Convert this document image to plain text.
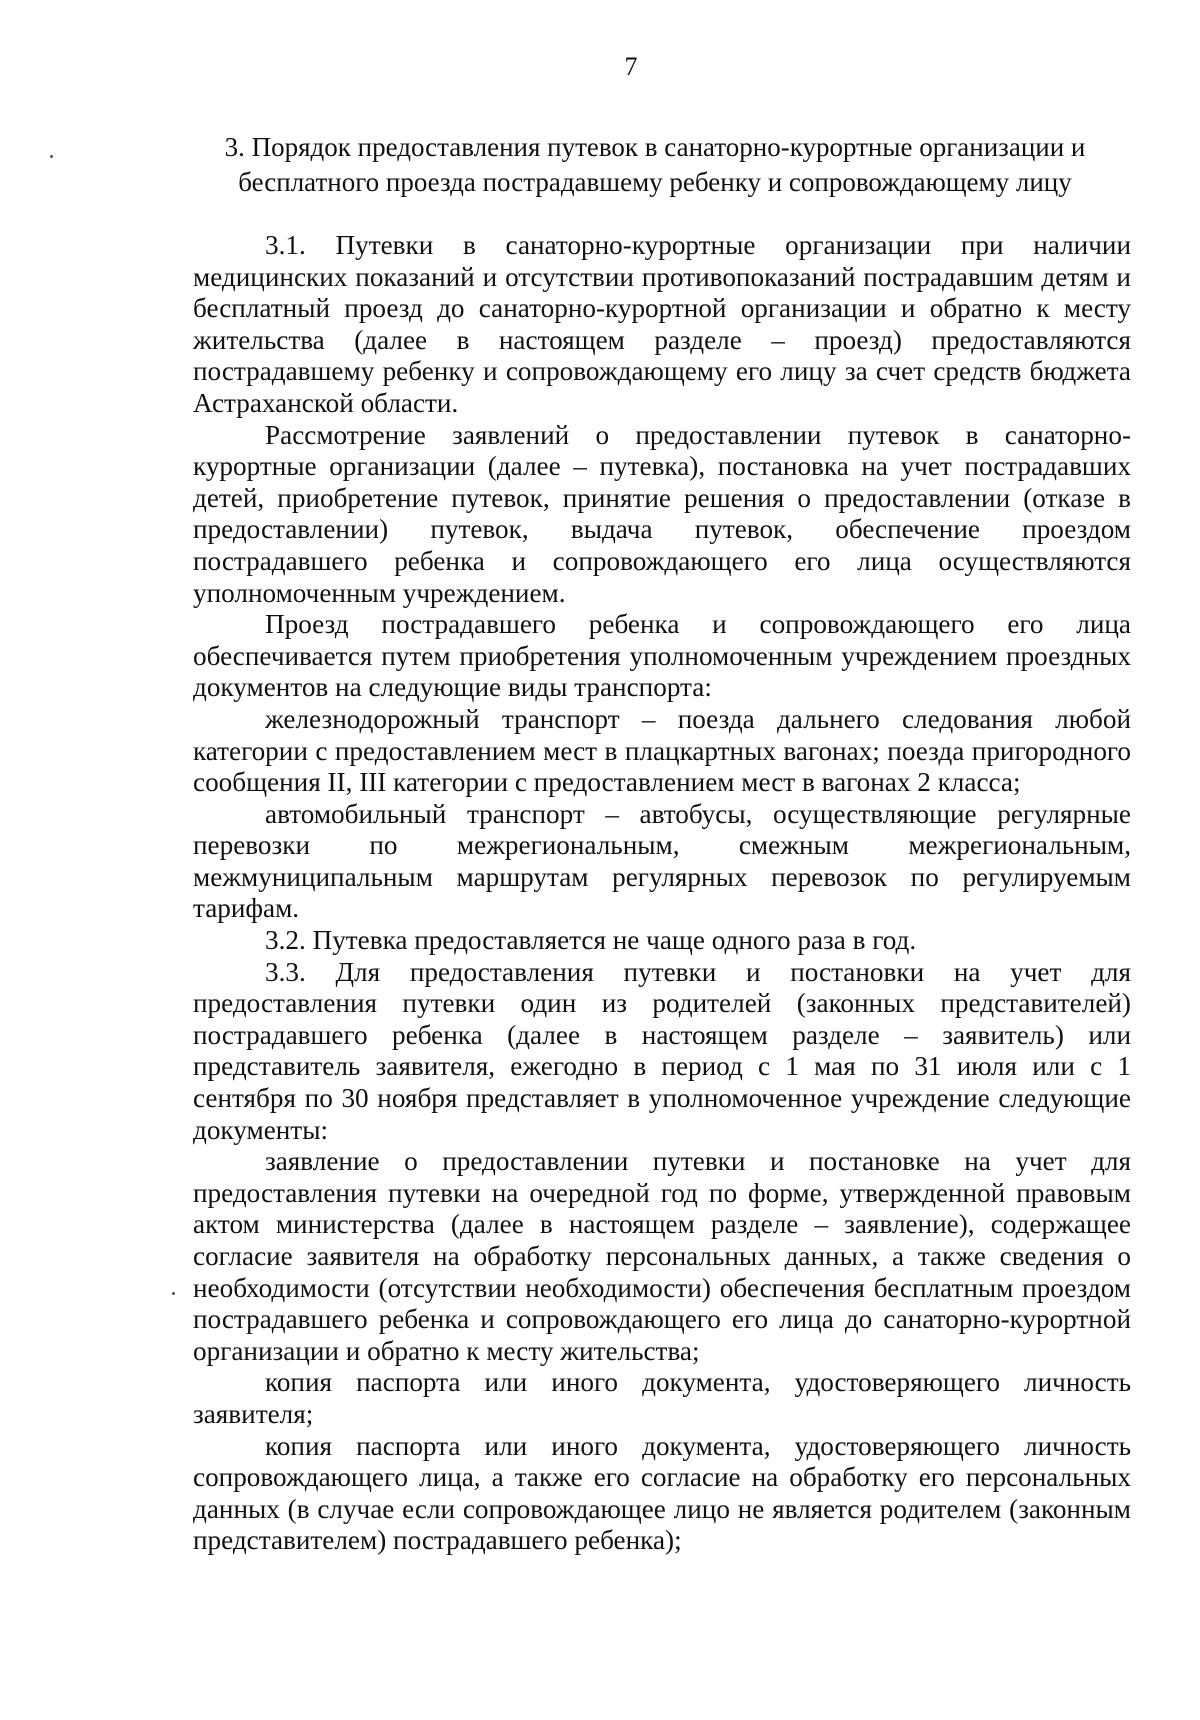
7
3. Порядок предоставления путевок в санаторно-курортные организации и бесплатного проезда пострадавшему ребенку и сопровождающему лицу

3.1. Путевки в санаторно-курортные организации при наличии медицинских показаний и отсутствии противопоказаний пострадавшим детям и бесплатный проезд до санаторно-курортной организации и обратно к месту жительства (далее в настоящем разделе – проезд) предоставляются пострадавшему ребенку и сопровождающему его лицу за счет средств бюджета Астраханской области.

Рассмотрение заявлений о предоставлении путевок в санаторно-курортные организации (далее – путевка), постановка на учет пострадавших детей, приобретение путевок, принятие решения о предоставлении (отказе в предоставлении) путевок, выдача путевок, обеспечение проездом пострадавшего ребенка и сопровождающего его лица осуществляются уполномоченным учреждением.

Проезд пострадавшего ребенка и сопровождающего его лица обеспечивается путем приобретения уполномоченным учреждением проездных документов на следующие виды транспорта:

железнодорожный транспорт – поезда дальнего следования любой категории с предоставлением мест в плацкартных вагонах; поезда пригородного сообщения II, III категории с предоставлением мест в вагонах 2 класса;

автомобильный транспорт – автобусы, осуществляющие регулярные перевозки по межрегиональным, смежным межрегиональным, межмуниципальным маршрутам регулярных перевозок по регулируемым тарифам.

3.2. Путевка предоставляется не чаще одного раза в год.

3.3. Для предоставления путевки и постановки на учет для предоставления путевки один из родителей (законных представителей) пострадавшего ребенка (далее в настоящем разделе – заявитель) или представитель заявителя, ежегодно в период с 1 мая по 31 июля или с 1 сентября по 30 ноября представляет в уполномоченное учреждение следующие документы:

заявление о предоставлении путевки и постановке на учет для предоставления путевки на очередной год по форме, утвержденной правовым актом министерства (далее в настоящем разделе – заявление), содержащее согласие заявителя на обработку персональных данных, а также сведения о необходимости (отсутствии необходимости) обеспечения бесплатным проездом пострадавшего ребенка и сопровождающего его лица до санаторно-курортной организации и обратно к месту жительства;

копия паспорта или иного документа, удостоверяющего личность заявителя;

копия паспорта или иного документа, удостоверяющего личность сопровождающего лица, а также его согласие на обработку его персональных данных (в случае если сопровождающее лицо не является родителем (законным представителем) пострадавшего ребенка);
